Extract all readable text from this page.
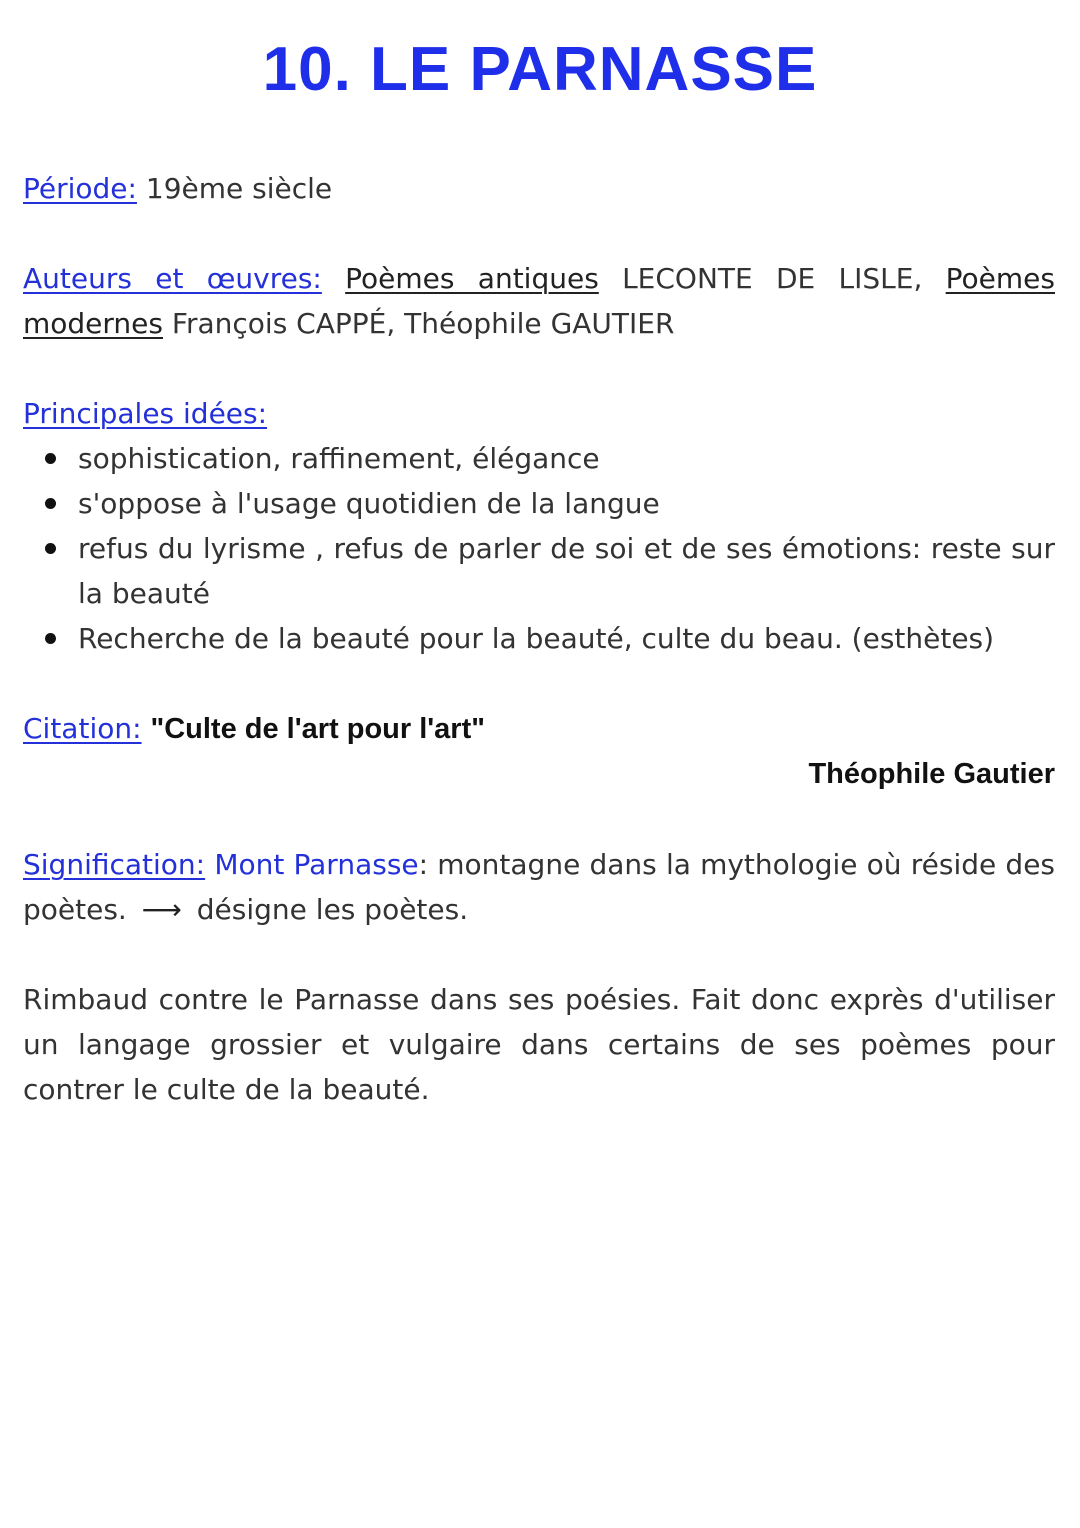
10. LE PARNASSE

Période: 19ème siècle

Auteurs et œuvres: Poèmes antiques LECONTE DE LISLE, Poèmes modernes François CAPPÉ, Théophile GAUTIER

Principales idées:

sophistication, raffinement, élégance
s'oppose à l'usage quotidien de la langue
refus du lyrisme , refus de parler de soi et de ses émotions: reste sur la beauté
Recherche de la beauté pour la beauté, culte du beau. (esthètes)

Citation: "Culte de l'art pour l'art"

Théophile Gautier

Signification: Mont Parnasse: montagne dans la mythologie où réside des poètes. ⟶ désigne les poètes.

Rimbaud contre le Parnasse dans ses poésies. Fait donc exprès d'utiliser un langage grossier et vulgaire dans certains de ses poèmes pour contrer le culte de la beauté.
